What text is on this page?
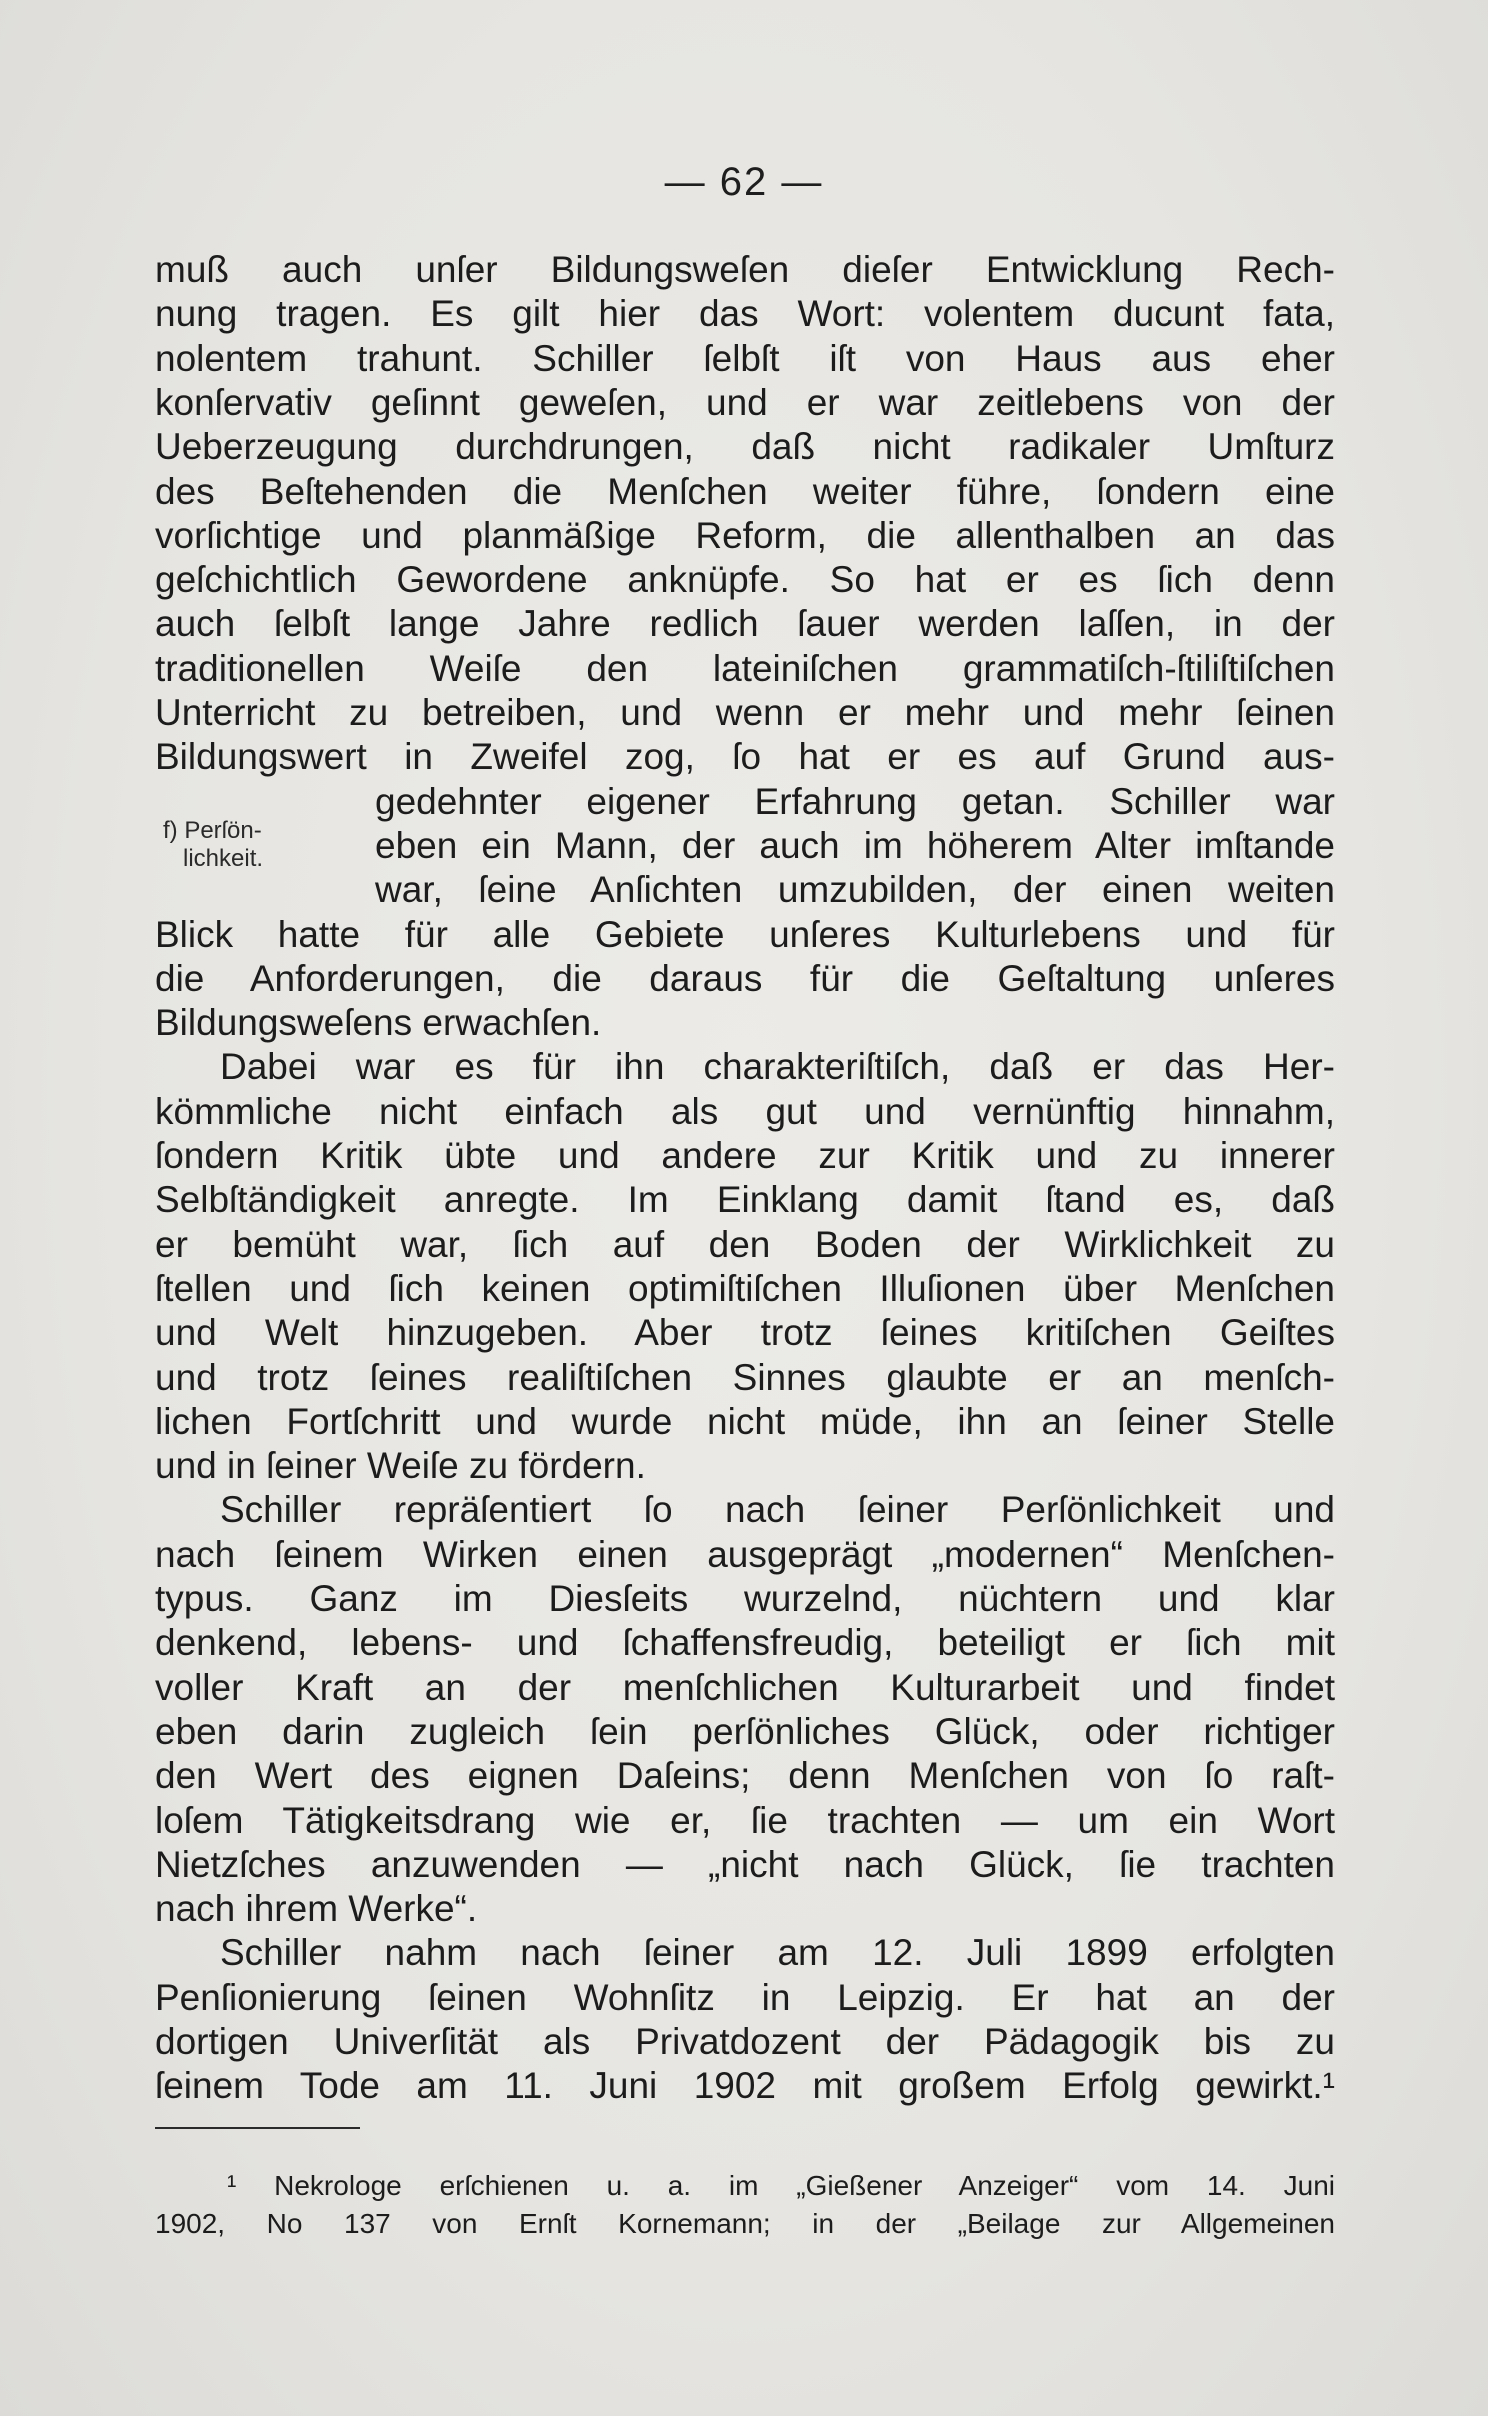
— 62 —
f) Perſön-
lichkeit.
muß auch unſer Bildungsweſen dieſer Entwicklung Rech-
nung tragen. Es gilt hier das Wort: volentem ducunt fata,
nolentem trahunt. Schiller ſelbſt iſt von Haus aus eher
konſervativ geſinnt geweſen, und er war zeitlebens von der
Ueberzeugung durchdrungen, daß nicht radikaler Umſturz
des Beſtehenden die Menſchen weiter führe, ſondern eine
vorſichtige und planmäßige Reform, die allenthalben an das
geſchichtlich Gewordene anknüpfe. So hat er es ſich denn
auch ſelbſt lange Jahre redlich ſauer werden laſſen, in der
traditionellen Weiſe den lateiniſchen grammatiſch-ſtiliſtiſchen
Unterricht zu betreiben, und wenn er mehr und mehr ſeinen
Bildungswert in Zweifel zog, ſo hat er es auf Grund aus-
gedehnter eigener Erfahrung getan. Schiller war
eben ein Mann, der auch im höherem Alter imſtande
war, ſeine Anſichten umzubilden, der einen weiten
Blick hatte für alle Gebiete unſeres Kulturlebens und für
die Anforderungen, die daraus für die Geſtaltung unſeres
Bildungsweſens erwachſen.
Dabei war es für ihn charakteriſtiſch, daß er das Her-
kömmliche nicht einfach als gut und vernünftig hinnahm,
ſondern Kritik übte und andere zur Kritik und zu innerer
Selbſtändigkeit anregte. Im Einklang damit ſtand es, daß
er bemüht war, ſich auf den Boden der Wirklichkeit zu
ſtellen und ſich keinen optimiſtiſchen Illuſionen über Menſchen
und Welt hinzugeben. Aber trotz ſeines kritiſchen Geiſtes
und trotz ſeines realiſtiſchen Sinnes glaubte er an menſch-
lichen Fortſchritt und wurde nicht müde, ihn an ſeiner Stelle
und in ſeiner Weiſe zu fördern.
Schiller repräſentiert ſo nach ſeiner Perſönlichkeit und
nach ſeinem Wirken einen ausgeprägt „modernen“ Menſchen-
typus. Ganz im Diesſeits wurzelnd, nüchtern und klar
denkend, lebens- und ſchaffensfreudig, beteiligt er ſich mit
voller Kraft an der menſchlichen Kulturarbeit und findet
eben darin zugleich ſein perſönliches Glück, oder richtiger
den Wert des eignen Daſeins; denn Menſchen von ſo raſt-
loſem Tätigkeitsdrang wie er, ſie trachten — um ein Wort
Nietzſches anzuwenden — „nicht nach Glück, ſie trachten
nach ihrem Werke“.
Schiller nahm nach ſeiner am 12. Juli 1899 erfolgten
Penſionierung ſeinen Wohnſitz in Leipzig. Er hat an der
dortigen Univerſität als Privatdozent der Pädagogik bis zu
ſeinem Tode am 11. Juni 1902 mit großem Erfolg gewirkt.¹
¹ Nekrologe erſchienen u. a. im „Gießener Anzeiger“ vom 14. Juni
1902, No 137 von Ernſt Kornemann; in der „Beilage zur Allgemeinen
